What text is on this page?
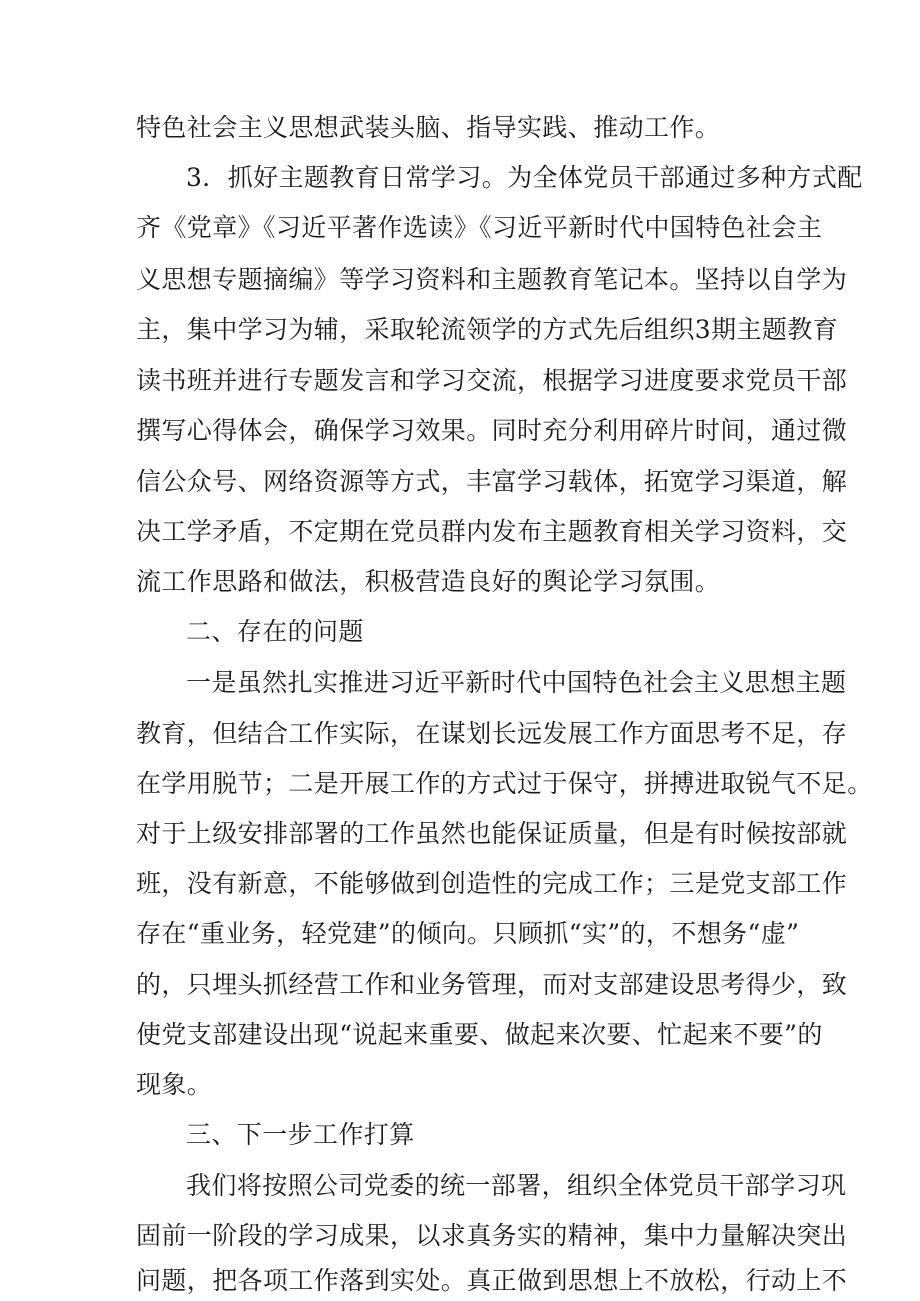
特色社会主义思想武装头脑、指导实践、推动工作。

3．抓好主题教育日常学习。为全体党员干部通过多种方式配

齐《党章》《习近平著作选读》《习近平新时代中国特色社会主

义思想专题摘编》等学习资料和主题教育笔记本。坚持以自学为

主，集中学习为辅，采取轮流领学的方式先后组织3期主题教育

读书班并进行专题发言和学习交流，根据学习进度要求党员干部

撰写心得体会，确保学习效果。同时充分利用碎片时间，通过微

信公众号、网络资源等方式，丰富学习载体，拓宽学习渠道，解

决工学矛盾，不定期在党员群内发布主题教育相关学习资料，交

流工作思路和做法，积极营造良好的舆论学习氛围。

二、存在的问题

一是虽然扎实推进习近平新时代中国特色社会主义思想主题

教育，但结合工作实际，在谋划长远发展工作方面思考不足，存

在学用脱节；二是开展工作的方式过于保守，拼搏进取锐气不足。

对于上级安排部署的工作虽然也能保证质量，但是有时候按部就

班，没有新意，不能够做到创造性的完成工作；三是党支部工作

存在“重业务，轻党建”的倾向。只顾抓“实”的，不想务“虚”

的，只埋头抓经营工作和业务管理，而对支部建设思考得少，致

使党支部建设出现“说起来重要、做起来次要、忙起来不要”的

现象。

三、下一步工作打算

我们将按照公司党委的统一部署，组织全体党员干部学习巩

固前一阶段的学习成果，以求真务实的精神，集中力量解决突出

问题，把各项工作落到实处。真正做到思想上不放松，行动上不
